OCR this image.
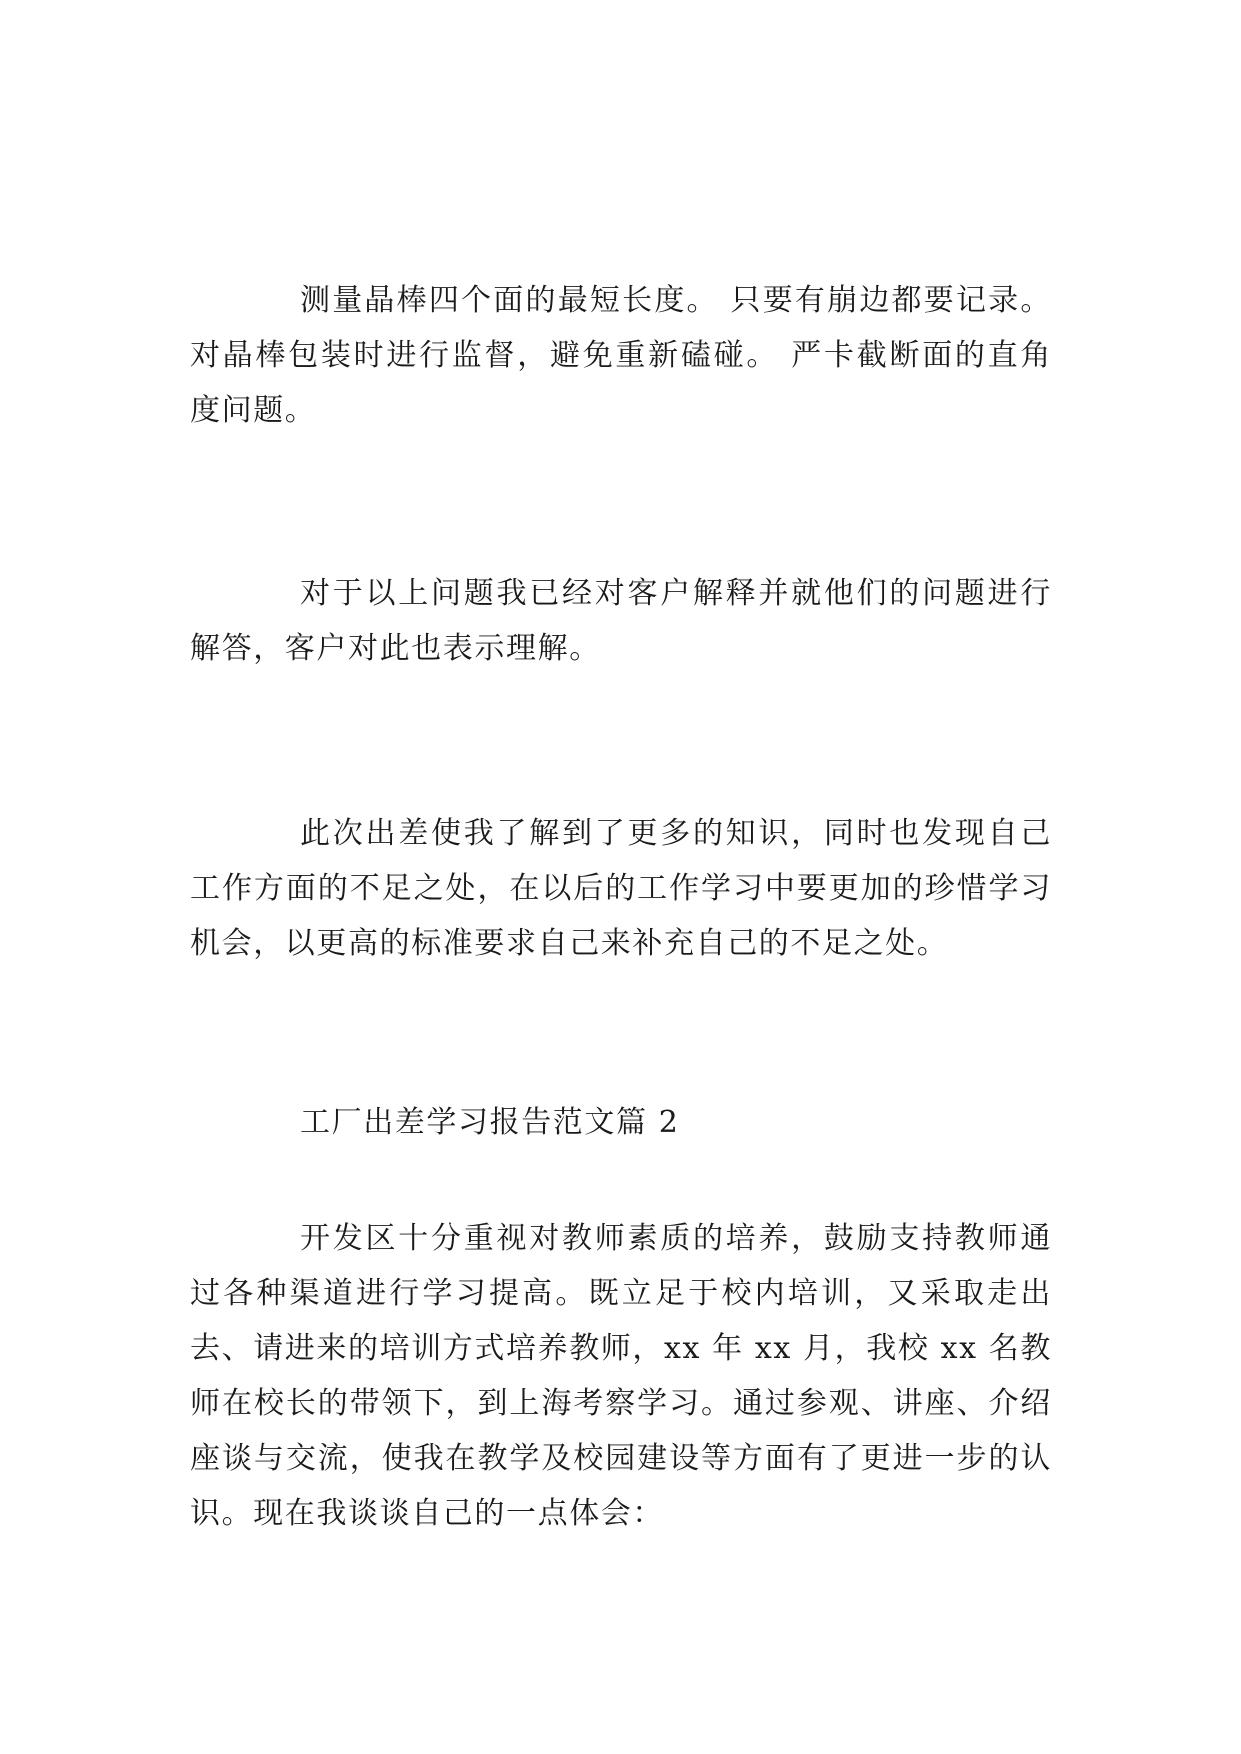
测量晶棒四个面的最短长度。 只要有崩边都要记录。对晶棒包装时进行监督，避免重新磕碰。 严卡截断面的直角度问题。

对于以上问题我已经对客户解释并就他们的问题进行解答，客户对此也表示理解。

此次出差使我了解到了更多的知识，同时也发现自己工作方面的不足之处，在以后的工作学习中要更加的珍惜学习机会，以更高的标准要求自己来补充自己的不足之处。

工厂出差学习报告范文篇 2

开发区十分重视对教师素质的培养，鼓励支持教师通过各种渠道进行学习提高。既立足于校内培训，又采取走出去、请进来的培训方式培养教师，xx 年 xx 月，我校 xx 名教师在校长的带领下，到上海考察学习。通过参观、讲座、介绍座谈与交流，使我在教学及校园建设等方面有了更进一步的认识。现在我谈谈自己的一点体会：
